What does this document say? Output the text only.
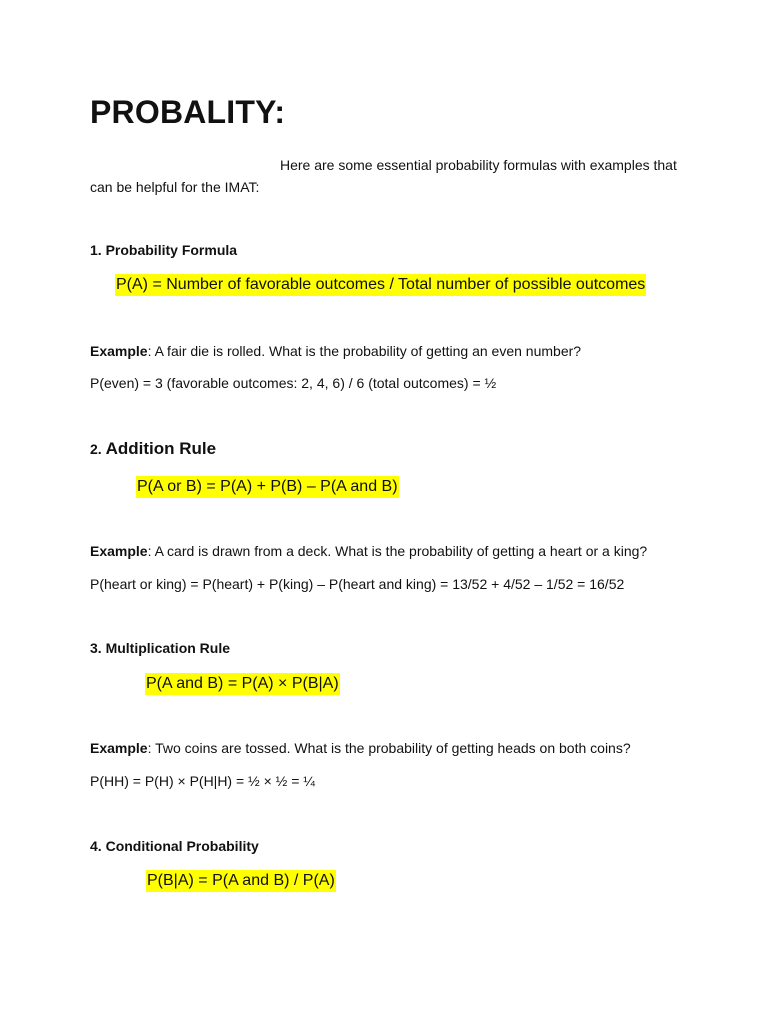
PROBALITY:

Here are some essential probability formulas with examples that can be helpful for the IMAT:

1. Probability Formula

P(A) = Number of favorable outcomes / Total number of possible outcomes

Example: A fair die is rolled. What is the probability of getting an even number?

P(even) = 3 (favorable outcomes: 2, 4, 6) / 6 (total outcomes) = ½

2. Addition Rule

P(A or B) = P(A) + P(B) – P(A and B)

Example: A card is drawn from a deck. What is the probability of getting a heart or a king?

P(heart or king) = P(heart) + P(king) – P(heart and king) = 13/52 + 4/52 – 1/52 = 16/52

3. Multiplication Rule

P(A and B) = P(A) × P(B|A)

Example: Two coins are tossed. What is the probability of getting heads on both coins?

P(HH) = P(H) × P(H|H) = ½ × ½ = ¼

4. Conditional Probability

P(B|A) = P(A and B) / P(A)
